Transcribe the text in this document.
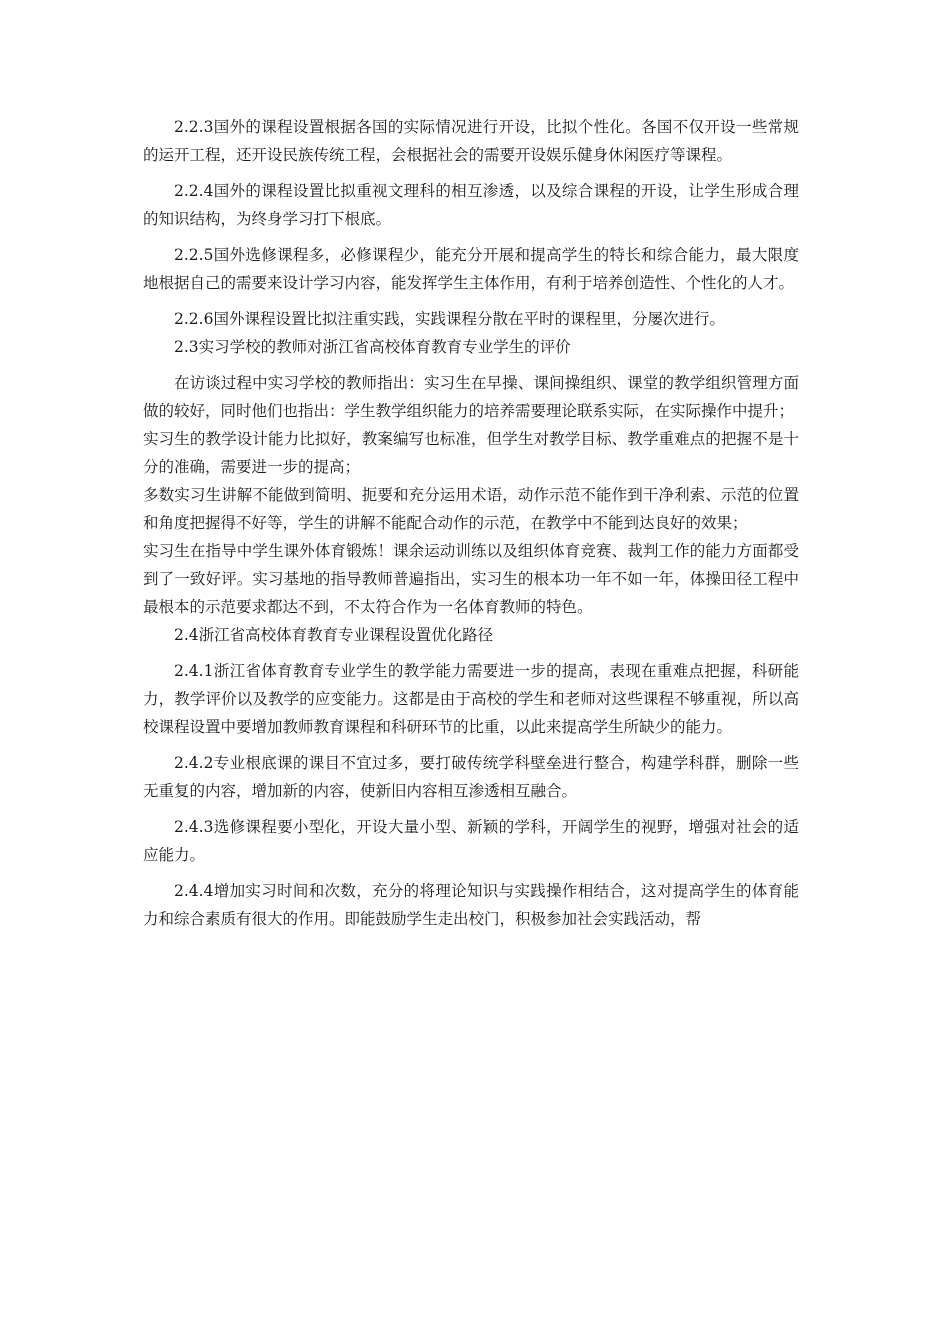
2.2.3国外的课程设置根据各国的实际情况进行开设，比拟个性化。各国不仅开设一些常规的运开工程，还开设民族传统工程，会根据社会的需要开设娱乐健身休闲医疗等课程。

2.2.4国外的课程设置比拟重视文理科的相互渗透，以及综合课程的开设，让学生形成合理的知识结构，为终身学习打下根底。

2.2.5国外选修课程多，必修课程少，能充分开展和提高学生的特长和综合能力，最大限度地根据自己的需要来设计学习内容，能发挥学生主体作用，有利于培养创造性、个性化的人才。

2.2.6国外课程设置比拟注重实践，实践课程分散在平时的课程里，分屡次进行。

2.3实习学校的教师对浙江省高校体育教育专业学生的评价

在访谈过程中实习学校的教师指出：实习生在早操、课间操组织、课堂的教学组织管理方面做的较好，同时他们也指出：学生教学组织能力的培养需要理论联系实际，在实际操作中提升；

实习生的教学设计能力比拟好，教案编写也标准，但学生对教学目标、教学重难点的把握不是十分的准确，需要进一步的提高；

多数实习生讲解不能做到简明、扼要和充分运用术语，动作示范不能作到干净利索、示范的位置和角度把握得不好等，学生的讲解不能配合动作的示范，在教学中不能到达良好的效果；

实习生在指导中学生课外体育锻炼！课余运动训练以及组织体育竞赛、裁判工作的能力方面都受到了一致好评。实习基地的指导教师普遍指出，实习生的根本功一年不如一年，体操田径工程中最根本的示范要求都达不到，不太符合作为一名体育教师的特色。

2.4浙江省高校体育教育专业课程设置优化路径

2.4.1浙江省体育教育专业学生的教学能力需要进一步的提高，表现在重难点把握，科研能力，教学评价以及教学的应变能力。这都是由于高校的学生和老师对这些课程不够重视，所以高校课程设置中要增加教师教育课程和科研环节的比重，以此来提高学生所缺少的能力。

2.4.2专业根底课的课目不宜过多，要打破传统学科壁垒进行整合，构建学科群，删除一些无重复的内容，增加新的内容，使新旧内容相互渗透相互融合。

2.4.3选修课程要小型化，开设大量小型、新颖的学科，开阔学生的视野，增强对社会的适应能力。

2.4.4增加实习时间和次数，充分的将理论知识与实践操作相结合，这对提高学生的体育能力和综合素质有很大的作用。即能鼓励学生走出校门，积极参加社会实践活动，帮
